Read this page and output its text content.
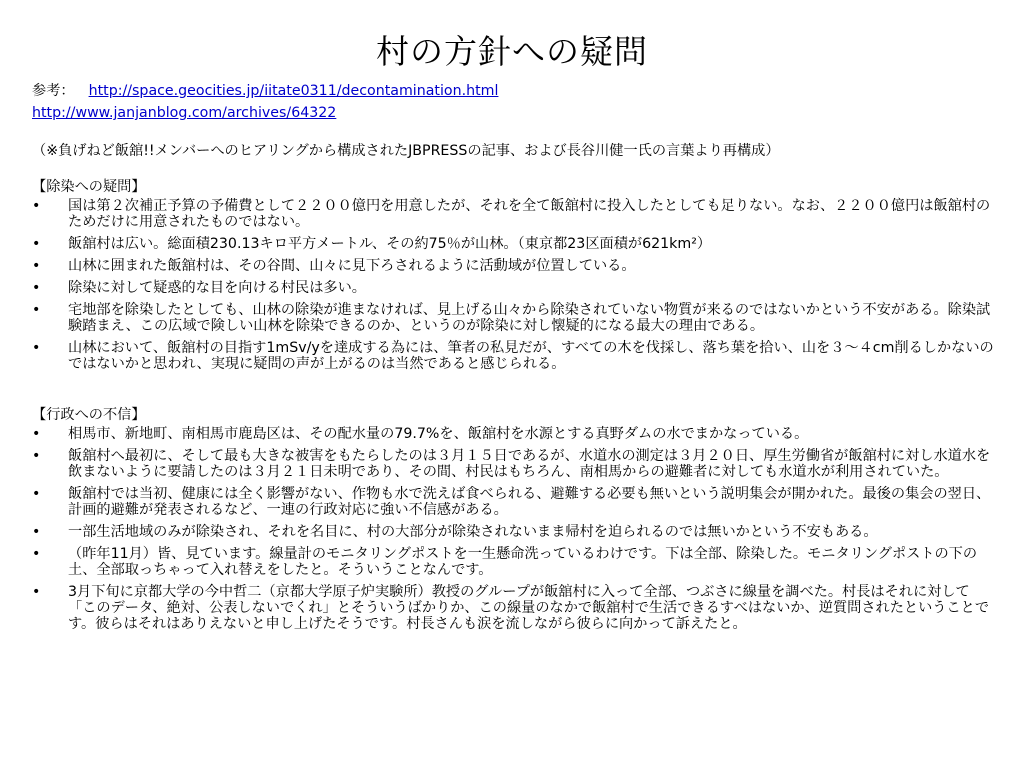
村の方針への疑問
参考： http://space.geocities.jp/iitate0311/decontamination.html
http://www.janjanblog.com/archives/64322
（※負げねど飯舘!!メンバーへのヒアリングから構成されたJBPRESSの記事、および長谷川健一氏の言葉より再構成）
【除染への疑問】
•	国は第２次補正予算の予備費として２２００億円を用意したが、それを全て飯舘村に投入したとしても足りない。なお、２２００億円は飯舘村のためだけに用意されたものではない。
•	飯舘村は広い。総面積230.13キロ平方メートル、その約75％が山林。（東京都23区面積が621km²）
•	山林に囲まれた飯舘村は、その谷間、山々に見下ろされるように活動域が位置している。
•	除染に対して疑惑的な目を向ける村民は多い。
•	宅地部を除染したとしても、山林の除染が進まなければ、見上げる山々から除染されていない物質が来るのではないかという不安がある。除染試験踏まえ、この広域で険しい山林を除染できるのか、というのが除染に対し懐疑的になる最大の理由である。
•	山林において、飯舘村の目指す1mSv/yを達成する為には、筆者の私見だが、すべての木を伐採し、落ち葉を拾い、山を３～４cm削るしかないのではないかと思われ、実現に疑問の声が上がるのは当然であると感じられる。
【行政への不信】
•	相馬市、新地町、南相馬市鹿島区は、その配水量の79.7%を、飯舘村を水源とする真野ダムの水でまかなっている。
•	飯舘村へ最初に、そして最も大きな被害をもたらしたのは３月１５日であるが、水道水の測定は３月２０日、厚生労働省が飯舘村に対し水道水を飲まないように要請したのは３月２１日未明であり、その間、村民はもちろん、南相馬からの避難者に対しても水道水が利用されていた。
•	飯舘村では当初、健康には全く影響がない、作物も水で洗えば食べられる、避難する必要も無いという説明集会が開かれた。最後の集会の翌日、計画的避難が発表されるなど、一連の行政対応に強い不信感がある。
•	一部生活地域のみが除染され、それを名目に、村の大部分が除染されないまま帰村を迫られるのでは無いかという不安もある。
•	（昨年11月）皆、見ています。線量計のモニタリングポストを一生懸命洗っているわけです。下は全部、除染した。モニタリングポストの下の土、全部取っちゃって入れ替えをしたと。そういうことなんです。
•	3月下旬に京都大学の今中哲二（京都大学原子炉実験所）教授のグループが飯舘村に入って全部、つぶさに線量を調べた。村長はそれに対して「このデータ、絶対、公表しないでくれ」とそういうばかりか、この線量のなかで飯舘村で生活できるすべはないか、逆質問されたということです。彼らはそれはありえないと申し上げたそうです。村長さんも涙を流しながら彼らに向かって訴えたと。
